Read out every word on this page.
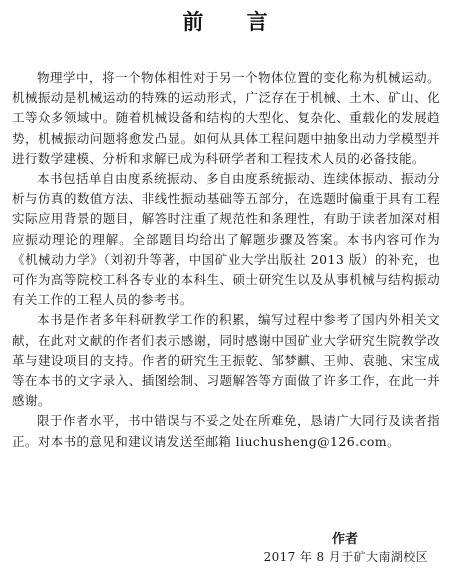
前 言

物理学中，将一个物体相性对于另一个物体位置的变化称为机械运动。机械振动是机械运动的特殊的运动形式，广泛存在于机械、土木、矿山、化工等众多领域中。随着机械设备和结构的大型化、复杂化、重载化的发展趋势，机械振动问题将愈发凸显。如何从具体工程问题中抽象出动力学模型并进行数学建模、分析和求解已成为科研学者和工程技术人员的必备技能。

本书包括单自由度系统振动、多自由度系统振动、连续体振动、振动分析与仿真的数值方法、非线性振动基础等五部分，在选题时偏重于具有工程实际应用背景的题目，解答时注重了规范性和条理性，有助于读者加深对相应振动理论的理解。全部题目均给出了解题步骤及答案。本书内容可作为《机械动力学》（刘初升等著，中国矿业大学出版社 2013 版）的补充，也可作为高等院校工科各专业的本科生、硕士研究生以及从事机械与结构振动有关工作的工程人员的参考书。

本书是作者多年科研教学工作的积累，编写过程中参考了国内外相关文献，在此对文献的作者们表示感谢，同时感谢中国矿业大学研究生院教学改革与建设项目的支持。作者的研究生王振乾、邹梦麒、王帅、袁驰、宋宝成等在本书的文字录入、插图绘制、习题解答等方面做了许多工作，在此一并感谢。

限于作者水平，书中错误与不妥之处在所难免，恳请广大同行及读者指正。对本书的意见和建议请发送至邮箱 liuchusheng@126.com。

作者
2017 年 8 月于矿大南湖校区
